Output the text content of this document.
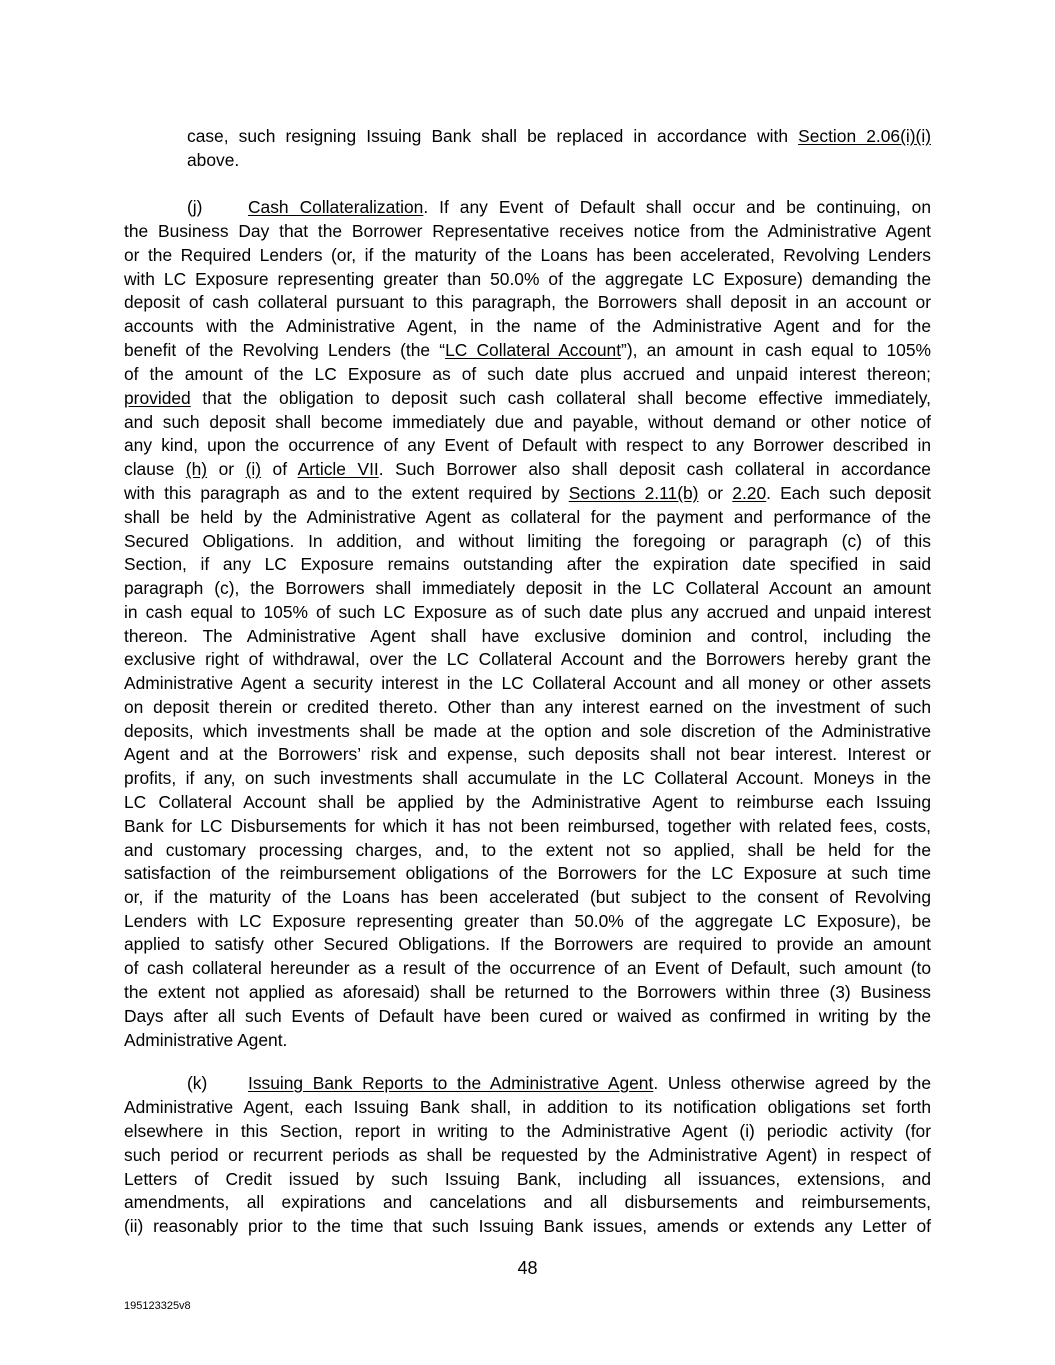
case, such resigning Issuing Bank shall be replaced in accordance with Section 2.06(i)(i)
above.
(j)	Cash Collateralization. If any Event of Default shall occur and be continuing, on
the Business Day that the Borrower Representative receives notice from the Administrative Agent
or the Required Lenders (or, if the maturity of the Loans has been accelerated, Revolving Lenders
with LC Exposure representing greater than 50.0% of the aggregate LC Exposure) demanding the
deposit of cash collateral pursuant to this paragraph, the Borrowers shall deposit in an account or
accounts with the Administrative Agent, in the name of the Administrative Agent and for the
benefit of the Revolving Lenders (the “LC Collateral Account”), an amount in cash equal to 105%
of the amount of the LC Exposure as of such date plus accrued and unpaid interest thereon;
provided that the obligation to deposit such cash collateral shall become effective immediately,
and such deposit shall become immediately due and payable, without demand or other notice of
any kind, upon the occurrence of any Event of Default with respect to any Borrower described in
clause (h) or (i) of Article VII. Such Borrower also shall deposit cash collateral in accordance
with this paragraph as and to the extent required by Sections 2.11(b) or 2.20. Each such deposit
shall be held by the Administrative Agent as collateral for the payment and performance of the
Secured Obligations. In addition, and without limiting the foregoing or paragraph (c) of this
Section, if any LC Exposure remains outstanding after the expiration date specified in said
paragraph (c), the Borrowers shall immediately deposit in the LC Collateral Account an amount
in cash equal to 105% of such LC Exposure as of such date plus any accrued and unpaid interest
thereon. The Administrative Agent shall have exclusive dominion and control, including the
exclusive right of withdrawal, over the LC Collateral Account and the Borrowers hereby grant the
Administrative Agent a security interest in the LC Collateral Account and all money or other assets
on deposit therein or credited thereto. Other than any interest earned on the investment of such
deposits, which investments shall be made at the option and sole discretion of the Administrative
Agent and at the Borrowers’ risk and expense, such deposits shall not bear interest. Interest or
profits, if any, on such investments shall accumulate in the LC Collateral Account. Moneys in the
LC Collateral Account shall be applied by the Administrative Agent to reimburse each Issuing
Bank for LC Disbursements for which it has not been reimbursed, together with related fees, costs,
and customary processing charges, and, to the extent not so applied, shall be held for the
satisfaction of the reimbursement obligations of the Borrowers for the LC Exposure at such time
or, if the maturity of the Loans has been accelerated (but subject to the consent of Revolving
Lenders with LC Exposure representing greater than 50.0% of the aggregate LC Exposure), be
applied to satisfy other Secured Obligations. If the Borrowers are required to provide an amount
of cash collateral hereunder as a result of the occurrence of an Event of Default, such amount (to
the extent not applied as aforesaid) shall be returned to the Borrowers within three (3) Business
Days after all such Events of Default have been cured or waived as confirmed in writing by the
Administrative Agent.
(k) Issuing Bank Reports to the Administrative Agent. Unless otherwise agreed by the
Administrative Agent, each Issuing Bank shall, in addition to its notification obligations set forth
elsewhere in this Section, report in writing to the Administrative Agent (i) periodic activity (for
such period or recurrent periods as shall be requested by the Administrative Agent) in respect of
Letters of Credit issued by such Issuing Bank, including all issuances, extensions, and
amendments, all expirations and cancelations and all disbursements and reimbursements,
(ii) reasonably prior to the time that such Issuing Bank issues, amends or extends any Letter of
48
195123325v8
